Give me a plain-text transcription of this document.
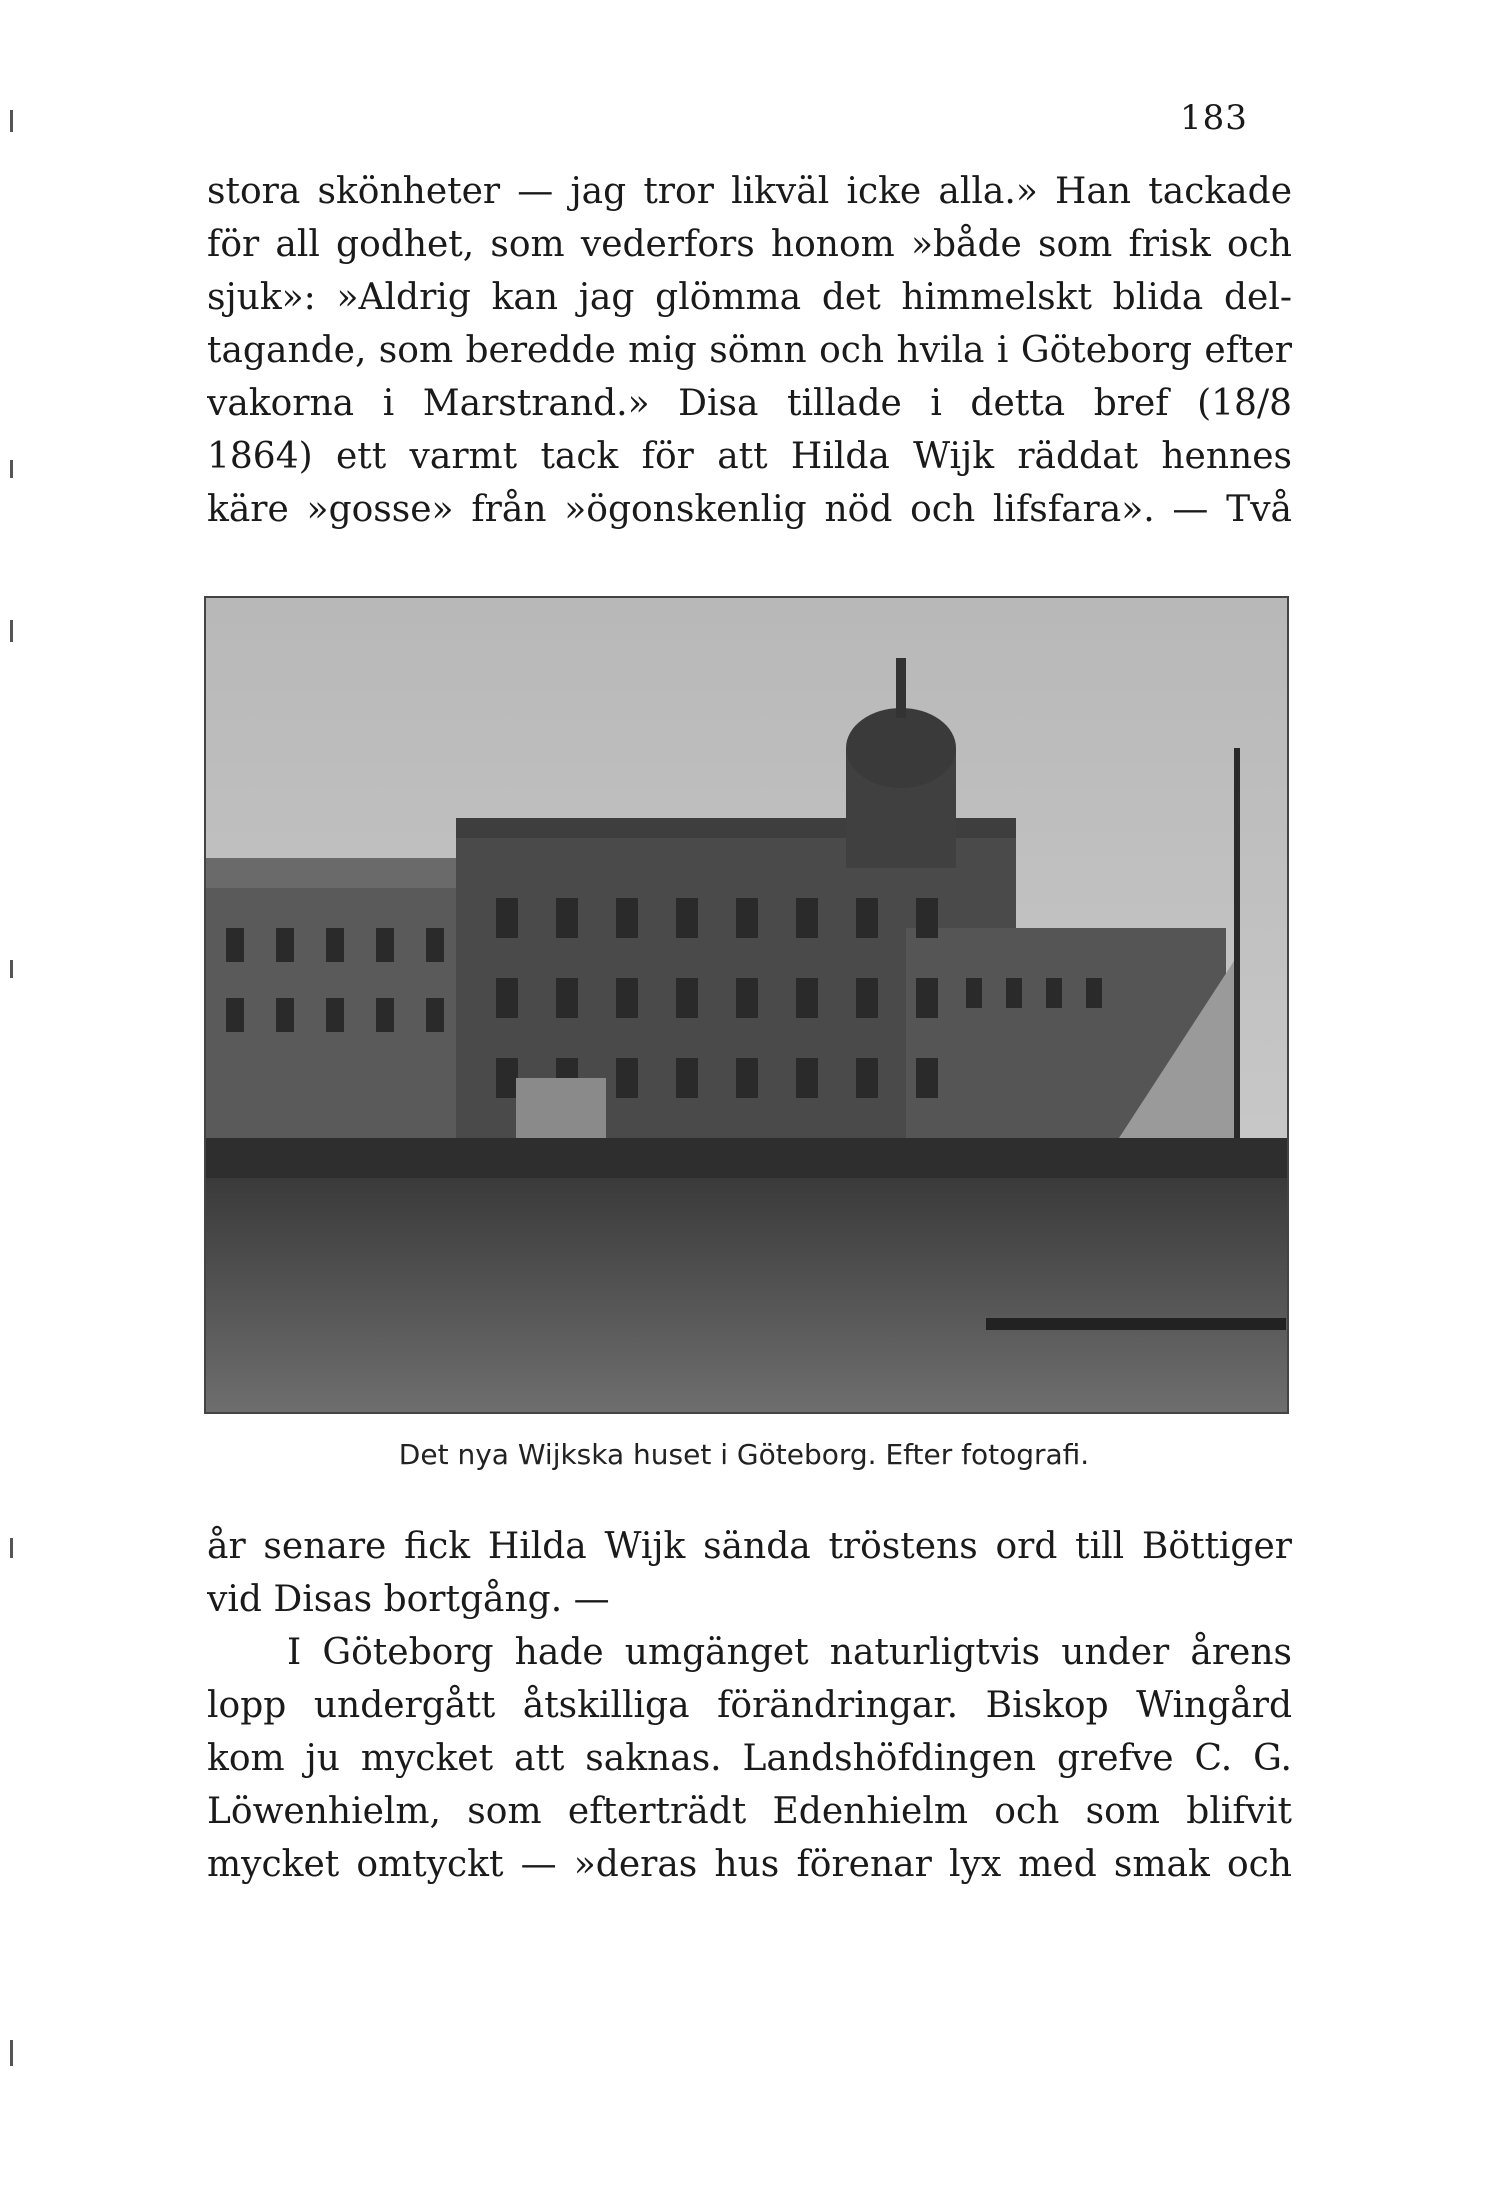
183
stora skönheter — jag tror likväl icke alla.» Han tackade
för all godhet, som vederfors honom »både som frisk och
sjuk»: »Aldrig kan jag glömma det himmelskt blida del-
tagande, som beredde mig sömn och hvila i Göteborg efter
vakorna i Marstrand.» Disa tillade i detta bref (18/8
1864) ett varmt tack för att Hilda Wijk räddat hennes
käre »gosse» från »ögonskenlig nöd och lifsfara». — Två
Det nya Wijkska huset i Göteborg. Efter fotografi.
år senare fick Hilda Wijk sända tröstens ord till Böttiger
vid Disas bortgång. —
I Göteborg hade umgänget naturligtvis under årens
lopp undergått åtskilliga förändringar. Biskop Wingård
kom ju mycket att saknas. Landshöfdingen grefve C. G.
Löwenhielm, som efterträdt Edenhielm och som blifvit
mycket omtyckt — »deras hus förenar lyx med smak och
